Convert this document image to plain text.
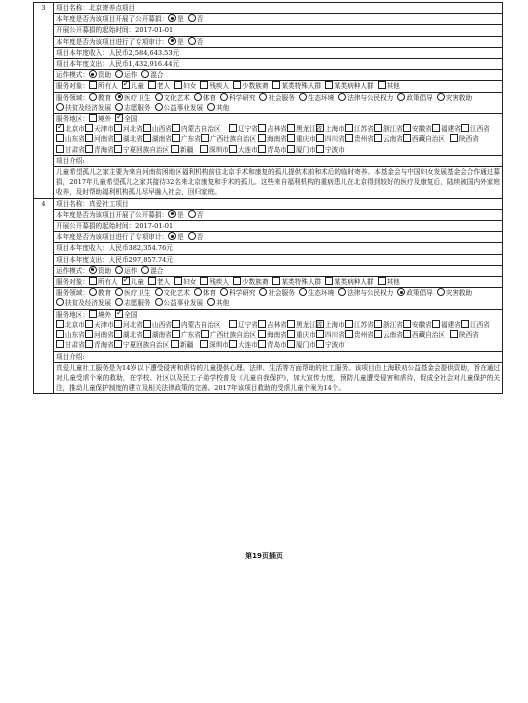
3	项目名称：北京寄养点项目
本年度是否为该项目开展了公开募捐： 是 否
开展公开募捐的起始时间：2017-01-01
本年度是否为该项目进行了专项审计： 是 否
项目本年度收入：人民币2,584,643.53元
项目本年度支出：人民币1,432,916.44元
运作模式： 资助 运作 混合
服务对象： 所有人 ✓ 儿童 老人 妇女 残疾人 少数族裔 某类特殊人群 某类病种人群 其他
服务领域： 教育 医疗卫生 文化艺术 体育 科学研究 社会服务 生态环境 法律与公民权力 政策倡导 灾害救助扶贫及经济发展 志愿服务 公益事业发展 其他
服务地区： 境外 ✓ 全国
✓北京市	天津市	河北省	山西省	内蒙古自治区	辽宁省	吉林省	黑龙江省 上海市	江苏省	浙江省	安徽省	福建省	江西省
山东省	河南省	湖北省	湖南省	广东省	广西壮族自治区	海南省	重庆市	四川省	贵州省	云南省	西藏自治区	陕西省
甘肃省	青海省	宁夏回族自治区	新疆	深圳市	大连市	青岛市	厦门市	宁波市
项目介绍:
儿童希望孤儿之家主要为来自河南贫困地区福利机构前往北京手术和康复的孤儿提供术前和术后的临时寄养。本基金会与中国妇女发展基金会合作通过募捐，2017年儿童希望孤儿之家共接待32名来北京康复和手术的孤儿。这些来自福利机构的重病患儿在北京得到较好的医疗及康复后，陆续被国内外家庭收养，及时帮助福利机构孤儿尽早融入社会，回归家庭。
4	项目名称：真爱社工项目
本年度是否为该项目开展了公开募捐： 是 否
开展公开募捐的起始时间：2017-01-01
本年度是否为该项目进行了专项审计： 是 否
项目本年度收入：人民币382,354.76元
项目本年度支出：人民币297,857.74元
运作模式： 资助 运作 混合
服务对象： 所有人 ✓ 儿童 老人 妇女 残疾人 少数族裔 某类特殊人群 某类病种人群 其他
服务领域： 教育 医疗卫生 文化艺术 体育 科学研究 社会服务 生态环境 法律与公民权力 政策倡导 灾害救助扶贫及经济发展 志愿服务 公益事业发展 其他
服务地区： 境外 ✓ 全国
北京市	天津市	河北省	山西省	内蒙古自治区	辽宁省	吉林省	黑龙江省 上海市	江苏省	浙江省	安徽省	福建省	江西省
山东省	河南省	湖北省	湖南省	广东省	广西壮族自治区	海南省	重庆市	四川省	贵州省	云南省	西藏自治区	陕西省
甘肃省	青海省	宁夏回族自治区	新疆	深圳市	大连市	青岛市	厦门市	宁波市
项目介绍:
真爱儿童社工服务是为14岁以下遭受侵害和虐待的儿童提供心理、法律、生活等方面帮助的社工服务。该项目由上海联劝公益基金会提供资助，旨在通过对儿童受虐个案的救助，在学校、社区以及民工子弟学校普及《儿童自我保护》，加大宣传力度，预防儿童遭受侵害和虐待，促成全社会对儿童保护的关注，推动儿童保护制度的建立及相关法律政策的完善。2017年该项目救助的受虐儿童个案为14个。
第19页插页
